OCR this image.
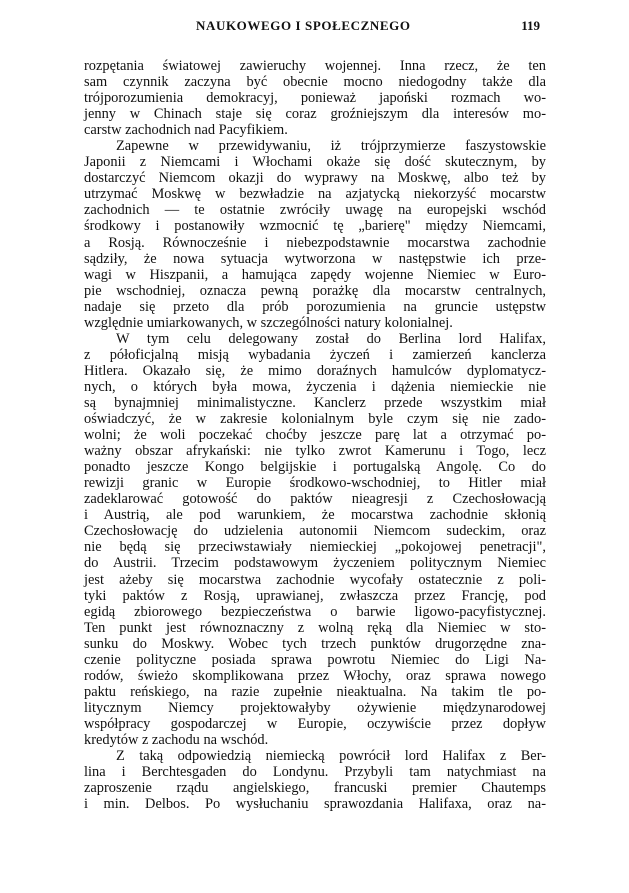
NAUKOWEGO I SPOŁECZNEGO	119
rozpętania światowej zawieruchy wojennej. Inna rzecz, że ten
sam czynnik zaczyna być obecnie mocno niedogodny także dla
trójporozumienia demokracyj, ponieważ japoński rozmach wo-
jenny w Chinach staje się coraz groźniejszym dla interesów mo-
carstw zachodnich nad Pacyfikiem.
Zapewne w przewidywaniu, iż trójprzymierze faszystowskie
Japonii z Niemcami i Włochami okaże się dość skutecznym, by
dostarczyć Niemcom okazji do wyprawy na Moskwę, albo też by
utrzymać Moskwę w bezwładzie na azjatycką niekorzyść mocarstw
zachodnich — te ostatnie zwróciły uwagę na europejski wschód
środkowy i postanowiły wzmocnić tę „barierę" między Niemcami,
a Rosją. Równocześnie i niebezpodstawnie mocarstwa zachodnie
sądziły, że nowa sytuacja wytworzona w następstwie ich prze-
wagi w Hiszpanii, a hamująca zapędy wojenne Niemiec w Euro-
pie wschodniej, oznacza pewną porażkę dla mocarstw centralnych,
nadaje się przeto dla prób porozumienia na gruncie ustępstw
względnie umiarkowanych, w szczególności natury kolonialnej.
W tym celu delegowany został do Berlina lord Halifax,
z półoficjalną misją wybadania życzeń i zamierzeń kanclerza
Hitlera. Okazało się, że mimo doraźnych hamulców dyplomatycz-
nych, o których była mowa, życzenia i dążenia niemieckie nie
są bynajmniej minimalistyczne. Kanclerz przede wszystkim miał
oświadczyć, że w zakresie kolonialnym byle czym się nie zado-
wolni; że woli poczekać choćby jeszcze parę lat a otrzymać po-
ważny obszar afrykański: nie tylko zwrot Kamerunu i Togo, lecz
ponadto jeszcze Kongo belgijskie i portugalską Angolę. Co do
rewizji granic w Europie środkowo-wschodniej, to Hitler miał
zadeklarować gotowość do paktów nieagresji z Czechosłowacją
i Austrią, ale pod warunkiem, że mocarstwa zachodnie skłonią
Czechosłowację do udzielenia autonomii Niemcom sudeckim, oraz
nie będą się przeciwstawiały niemieckiej „pokojowej penetracji",
do Austrii. Trzecim podstawowym życzeniem politycznym Niemiec
jest ażeby się mocarstwa zachodnie wycofały ostatecznie z poli-
tyki paktów z Rosją, uprawianej, zwłaszcza przez Francję, pod
egidą zbiorowego bezpieczeństwa o barwie ligowo-pacyfistycznej.
Ten punkt jest równoznaczny z wolną ręką dla Niemiec w sto-
sunku do Moskwy. Wobec tych trzech punktów drugorzędne zna-
czenie polityczne posiada sprawa powrotu Niemiec do Ligi Na-
rodów, świeżo skomplikowana przez Włochy, oraz sprawa nowego
paktu reńskiego, na razie zupełnie nieaktualna. Na takim tle po-
litycznym Niemcy projektowałyby ożywienie międzynarodowej
współpracy gospodarczej w Europie, oczywiście przez dopływ
kredytów z zachodu na wschód.
Z taką odpowiedzią niemiecką powrócił lord Halifax z Ber-
lina i Berchtesgaden do Londynu. Przybyli tam natychmiast na
zaproszenie rządu angielskiego, francuski premier Chautemps
i min. Delbos. Po wysłuchaniu sprawozdania Halifaxa, oraz na-
